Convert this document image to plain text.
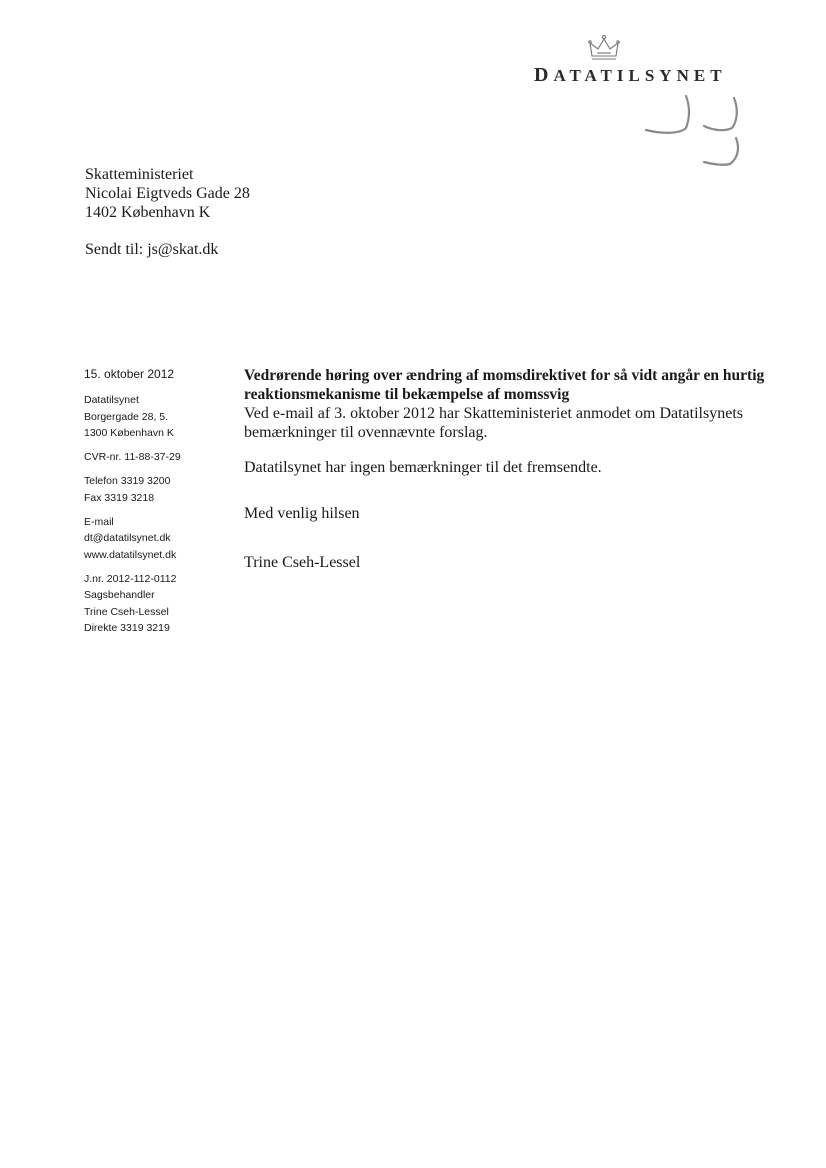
DATATILSYNET
Skatteministeriet
Nicolai Eigtveds Gade 28
1402 København K
Sendt til: js@skat.dk
15. oktober 2012
Datatilsynet
Borgergade 28, 5.
1300 København K
CVR-nr. 11-88-37-29
Telefon 3319 3200
Fax 3319 3218
E-mail
dt@datatilsynet.dk
www.datatilsynet.dk
J.nr. 2012-112-0112
Sagsbehandler
Trine Cseh-Lessel
Direkte 3319 3219

Vedrørende høring over ændring af momsdirektivet for så vidt angår en hurtig reaktionsmekanisme til bekæmpelse af momssvig

Ved e-mail af 3. oktober 2012 har Skatteministeriet anmodet om Datatilsynets bemærkninger til ovennævnte forslag.

Datatilsynet har ingen bemærkninger til det fremsendte.

Med venlig hilsen

Trine Cseh-Lessel
